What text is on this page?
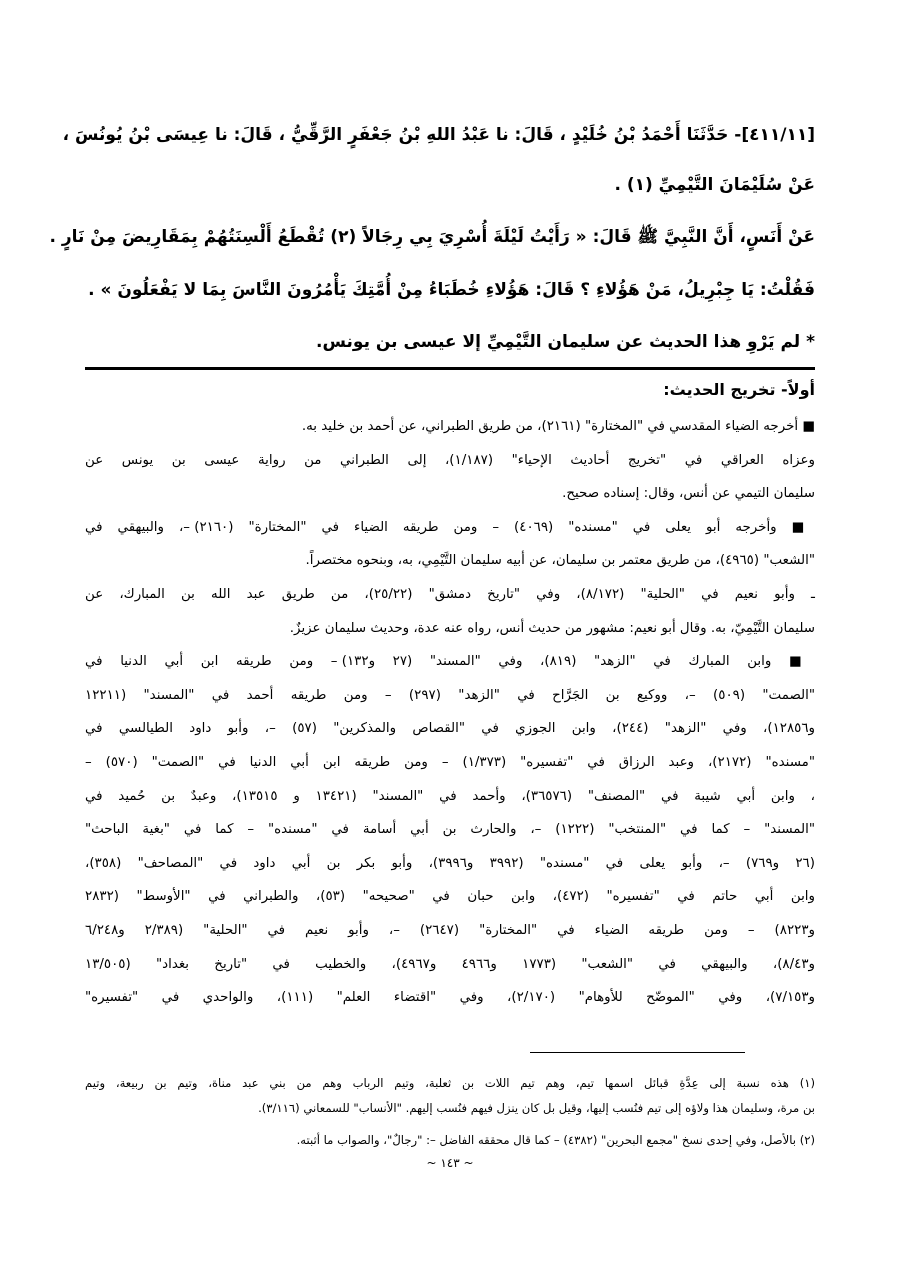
[٤١١/١١]- حَدَّثَنَا أَحْمَدُ بْنُ خُلَيْدٍ ، قَالَ: نا عَبْدُ اللهِ بْنُ جَعْفَرٍ الرَّقِّيُّ ، قَالَ: نا عِيسَى بْنُ يُونُسَ ،
عَنْ سُلَيْمَانَ التَّيْمِيِّ (١) .
عَنْ أَنَسٍ، أَنَّ النَّبِيَّ ﷺ قَالَ: « رَأَيْتُ لَيْلَةَ أُسْرِيَ بِي رِجَالاً (٢) تُقْطَعُ أَلْسِنَتُهُمْ بِمَقَارِيضَ مِنْ نَارٍ .
فَقُلْتُ: يَا جِبْرِيلُ، مَنْ هَؤُلاءِ ؟ قَالَ: هَؤُلاءِ خُطَبَاءُ مِنْ أُمَّتِكَ يَأْمُرُونَ النَّاسَ بِمَا لا يَفْعَلُونَ » .
* لم يَرْوِ هذا الحديث عن سليمان التَّيْمِيِّ إلا عيسى بن يونس.
أولاً- تخريج الحديث:
■ أخرجه الضياء المقدسي في "المختارة" (٢١٦١)، من طريق الطبراني، عن أحمد بن خليد به.
وعزاه العراقي في "تخريج أحاديث الإحياء" (١/١٨٧)، إلى الطبراني من رواية عيسى بن يونس عن
سليمان التيمي عن أنس، وقال: إسناده صحيح.
■ وأخرجه أبو يعلى في "مسنده" (٤٠٦٩) – ومن طريقه الضياء في "المختارة" (٢١٦٠) –، والبيهقي في
"الشعب" (٤٩٦٥)، من طريق معتمر بن سليمان، عن أبيه سليمان التَّيْمِي، به، وبنحوه مختصراً.
ـ وأبو نعيم في "الحلية" (٨/١٧٢)، وفي "تاريخ دمشق" (٢٥/٢٢)، من طريق عبد الله بن المبارك، عن
سليمان التَّيْمِيّ، به. وقال أبو نعيم: مشهور من حديث أنس، رواه عنه عدة، وحديث سليمان عزيزٌ.
■ وابن المبارك في "الزهد" (٨١٩)، وفي "المسند" (٢٧ و١٣٢) – ومن طريقه ابن أبي الدنيا في
"الصمت" (٥٠٩) –، ووكيع بن الجَرَّاح في "الزهد" (٢٩٧) – ومن طريقه أحمد في "المسند" (١٢٢١١
و١٢٨٥٦)، وفي "الزهد" (٢٤٤)، وابن الجوزي في "القصاص والمذكرين" (٥٧) –، وأبو داود الطيالسي في
"مسنده" (٢١٧٢)، وعبد الرزاق في "تفسيره" (١/٣٧٣) – ومن طريقه ابن أبي الدنيا في "الصمت" (٥٧٠) –
، وابن أبي شيبة في "المصنف" (٣٦٥٧٦)، وأحمد في "المسند" (١٣٤٢١ و ١٣٥١٥)، وعبدٌ بن حُميد في
"المسند" – كما في "المنتخب" (١٢٢٢) –، والحارث بن أبي أسامة في "مسنده" – كما في "بغية الباحث"
(٢٦ و٧٦٩) –، وأبو يعلى في "مسنده" (٣٩٩٢ و٣٩٩٦)، وأبو بكر بن أبي داود في "المصاحف" (٣٥٨)،
وابن أبي حاتم في "تفسيره" (٤٧٢)، وابن حبان في "صحيحه" (٥٣)، والطبراني في "الأوسط" (٢٨٣٢
و٨٢٢٣) – ومن طريقه الضياء في "المختارة" (٢٦٤٧) –، وأبو نعيم في "الحلية" (٢/٣٨٩ و٦/٢٤٨
و٨/٤٣)، والبيهقي في "الشعب" (١٧٧٣ و٤٩٦٦ و٤٩٦٧)، والخطيب في "تاريخ بغداد" (١٣/٥٠٥
و٧/١٥٣)، وفي "الموضّح للأوهام" (٢/١٧٠)، وفي "اقتضاء العلم" (١١١)، والواحدي في "تفسيره"
(١) هذه نسبة إلى عِدَّةِ قبائل اسمها تيم، وهم تيم اللات بن ثعلبة، وتيم الرباب وهم من بني عبد مناة، وتيم بن ربيعة، وتيم
بن مرة، وسليمان هذا ولاؤه إلى تيم فنُسب إليها، وقيل بل كان ينزل فيهم فنُسب إليهم. "الأنساب" للسمعاني (٣/١١٦).
(٢) بالأصل، وفي إحدى نسخ "مجمع البحرين" (٤٣٨٢) – كما قال محققه الفاضل –: "رجالٌ"، والصواب ما أثبته.
~ ١٤٣ ~
